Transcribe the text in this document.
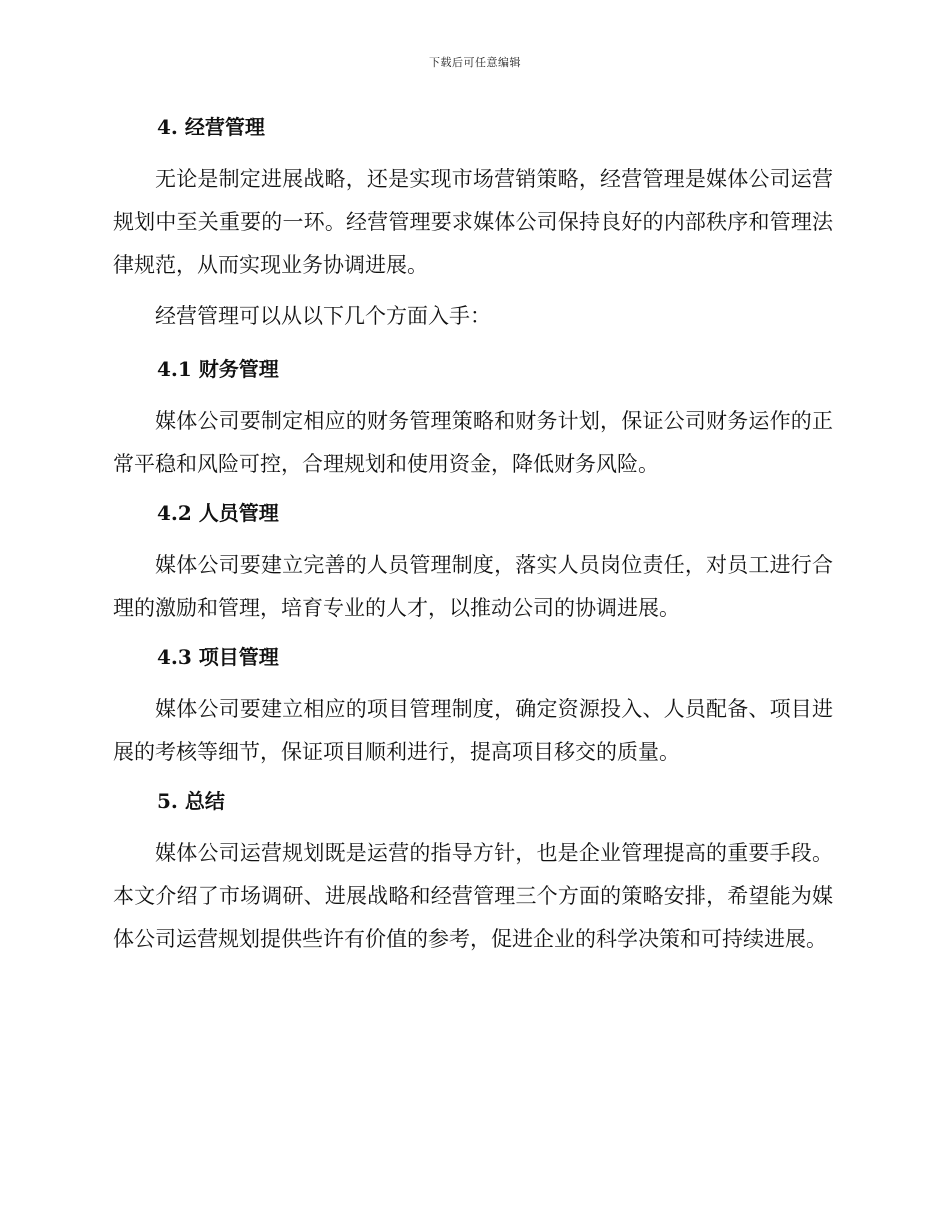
下载后可任意编辑
4. 经营管理

无论是制定进展战略，还是实现市场营销策略，经营管理是媒体公司运营规划中至关重要的一环。经营管理要求媒体公司保持良好的内部秩序和管理法律规范，从而实现业务协调进展。

经营管理可以从以下几个方面入手：

4.1 财务管理

媒体公司要制定相应的财务管理策略和财务计划，保证公司财务运作的正常平稳和风险可控，合理规划和使用资金，降低财务风险。

4.2 人员管理

媒体公司要建立完善的人员管理制度，落实人员岗位责任，对员工进行合理的激励和管理，培育专业的人才，以推动公司的协调进展。

4.3 项目管理

媒体公司要建立相应的项目管理制度，确定资源投入、人员配备、项目进展的考核等细节，保证项目顺利进行，提高项目移交的质量。

5. 总结

媒体公司运营规划既是运营的指导方针，也是企业管理提高的重要手段。本文介绍了市场调研、进展战略和经营管理三个方面的策略安排，希望能为媒体公司运营规划提供些许有价值的参考，促进企业的科学决策和可持续进展。
